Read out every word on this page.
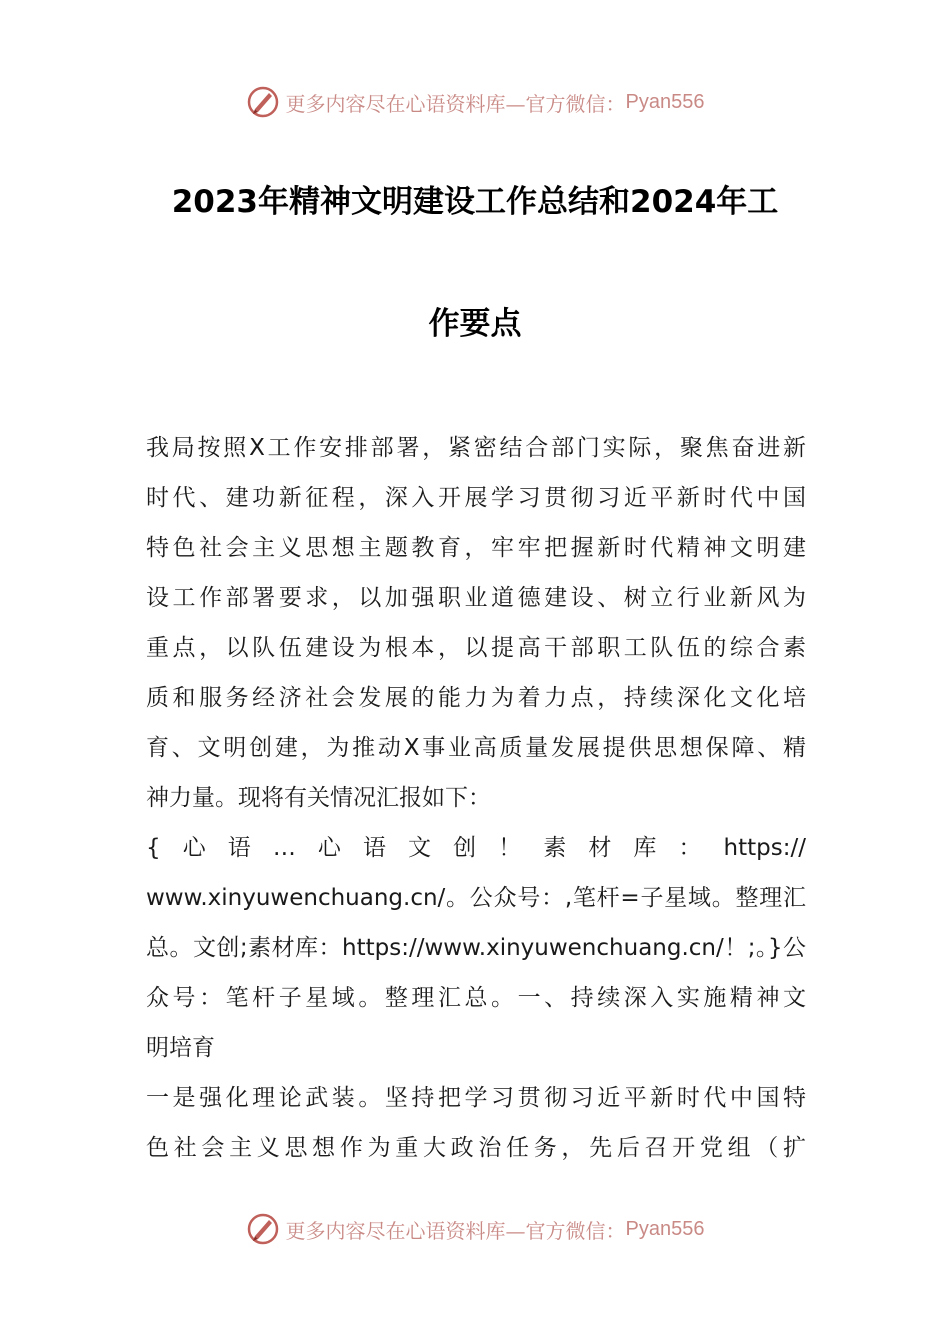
更多内容尽在心语资料库—官方微信： Pyan556
2023年精神文明建设工作总结和2024年工
作要点
我局按照X工作安排部署，紧密结合部门实际，聚焦奋进新
时代、建功新征程，深入开展学习贯彻习近平新时代中国
特色社会主义思想主题教育，牢牢把握新时代精神文明建
设工作部署要求，以加强职业道德建设、树立行业新风为
重点，以队伍建设为根本，以提高干部职工队伍的综合素
质和服务经济社会发展的能力为着力点，持续深化文化培
育、文明创建，为推动X事业高质量发展提供思想保障、精
神力量。现将有关情况汇报如下：
{心语…心语文创！素材库：https://
www.xinyuwenchuang.cn/。公众号：,笔杆=子星域。整理汇
总。文创;素材库：https://www.xinyuwenchuang.cn/！;。}公
众号：笔杆子星域。整理汇总。一、持续深入实施精神文
明培育
一是强化理论武装。坚持把学习贯彻习近平新时代中国特
色社会主义思想作为重大政治任务，先后召开党组（扩
更多内容尽在心语资料库—官方微信： Pyan556
